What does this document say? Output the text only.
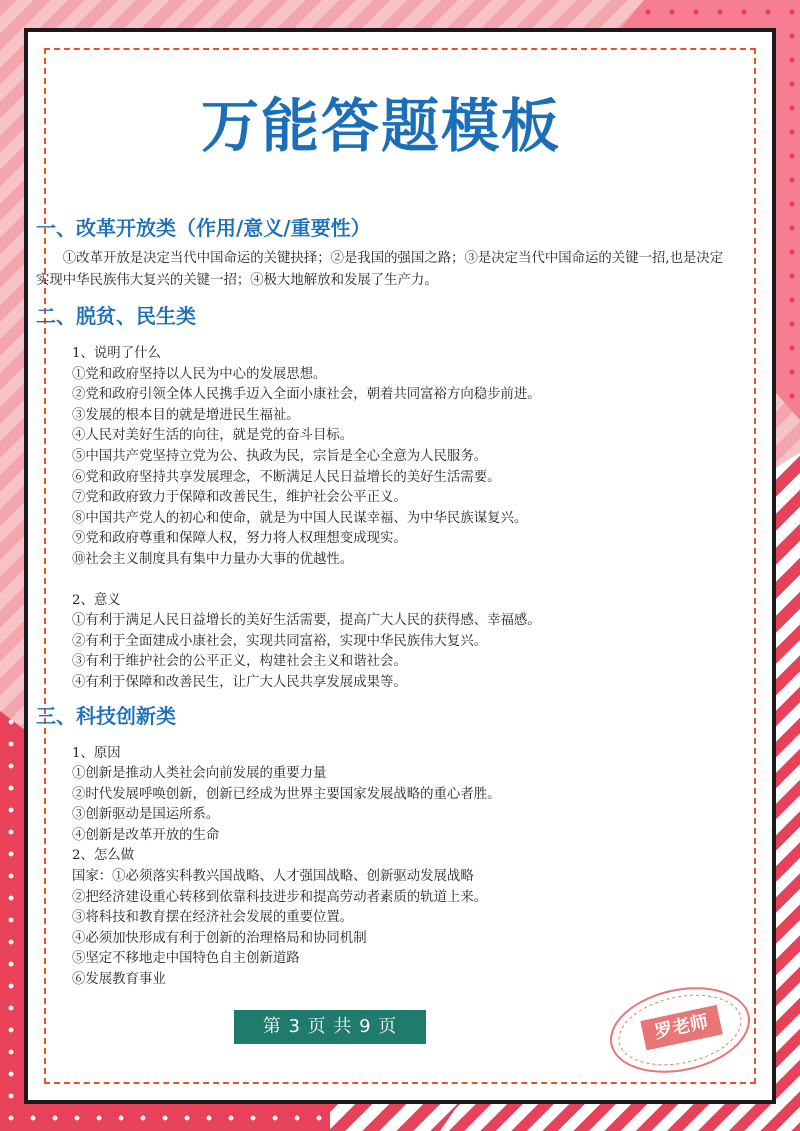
万能答题模板
一、改革开放类（作用/意义/重要性）

①改革开放是决定当代中国命运的关键抉择；②是我国的强国之路；③是决定当代中国命运的关键一招,也是决定实现中华民族伟大复兴的关键一招；④极大地解放和发展了生产力。

二、脱贫、民生类
1、说明了什么
①党和政府坚持以人民为中心的发展思想。
②党和政府引领全体人民携手迈入全面小康社会，朝着共同富裕方向稳步前进。
③发展的根本目的就是增进民生福祉。
④人民对美好生活的向往，就是党的奋斗目标。
⑤中国共产党坚持立党为公、执政为民，宗旨是全心全意为人民服务。
⑥党和政府坚持共享发展理念，不断满足人民日益增长的美好生活需要。
⑦党和政府致力于保障和改善民生，维护社会公平正义。
⑧中国共产党人的初心和使命，就是为中国人民谋幸福、为中华民族谋复兴。
⑨党和政府尊重和保障人权，努力将人权理想变成现实。
⑩社会主义制度具有集中力量办大事的优越性。
2、意义
①有利于满足人民日益增长的美好生活需要，提高广大人民的获得感、幸福感。
②有利于全面建成小康社会，实现共同富裕，实现中华民族伟大复兴。
③有利于维护社会的公平正义，构建社会主义和谐社会。
④有利于保障和改善民生，让广大人民共享发展成果等。
三、科技创新类
1、原因
①创新是推动人类社会向前发展的重要力量
②时代发展呼唤创新，创新已经成为世界主要国家发展战略的重心者胜。
③创新驱动是国运所系。
④创新是改革开放的生命
2、怎么做
国家：①必须落实科教兴国战略、人才强国战略、创新驱动发展战略
②把经济建设重心转移到依靠科技进步和提高劳动者素质的轨道上来。
③将科技和教育摆在经济社会发展的重要位置。
④必须加快形成有利于创新的治理格局和协同机制
⑤坚定不移地走中国特色自主创新道路
⑥发展教育事业
第 3 页 共 9 页	罗老师
